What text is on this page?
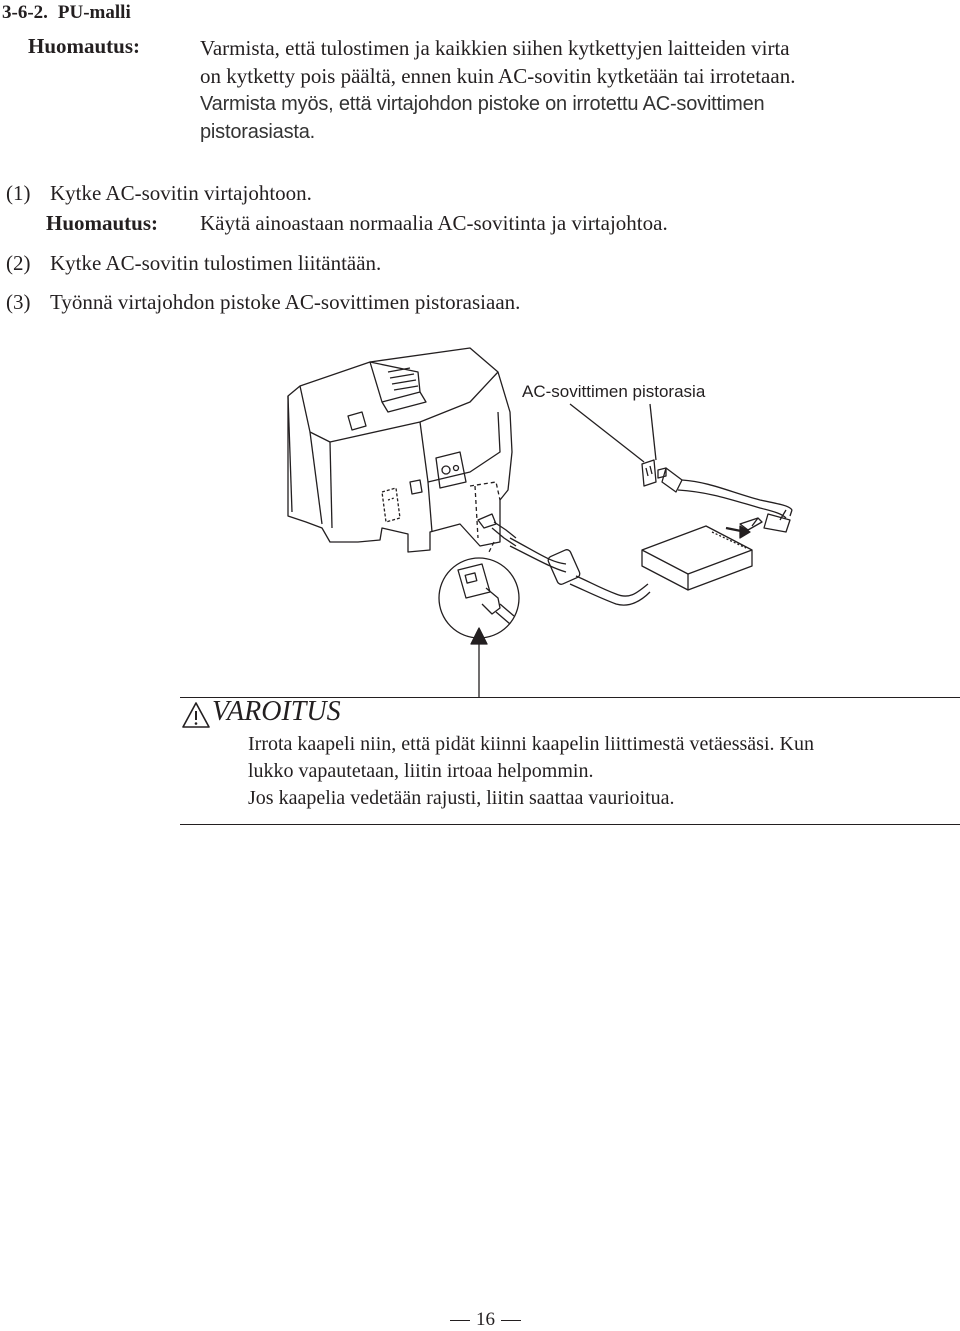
3-6-2. PU-malli
Huomautus:	Varmista, että tulostimen ja kaikkien siihen kytkettyjen laitteiden virta
on kytketty pois päältä, ennen kuin AC-sovitin kytketään tai irrotetaan.
Varmista myös, että virtajohdon pistoke on irrotettu AC-sovittimen
pistorasiasta.
(1) Kytke AC-sovitin virtajohtoon.
Huomautus: Käytä ainoastaan normaalia AC-sovitinta ja virtajohtoa.
(2) Kytke AC-sovitin tulostimen liitäntään.
(3) Työnnä virtajohdon pistoke AC-sovittimen pistorasiaan.
AC-sovittimen pistorasia
VAROITUS
Irrota kaapeli niin, että pidät kiinni kaapelin liittimestä vetäessäsi. Kun
lukko vapautetaan, liitin irtoaa helpommin.
Jos kaapelia vedetään rajusti, liitin saattaa vaurioitua.
16
